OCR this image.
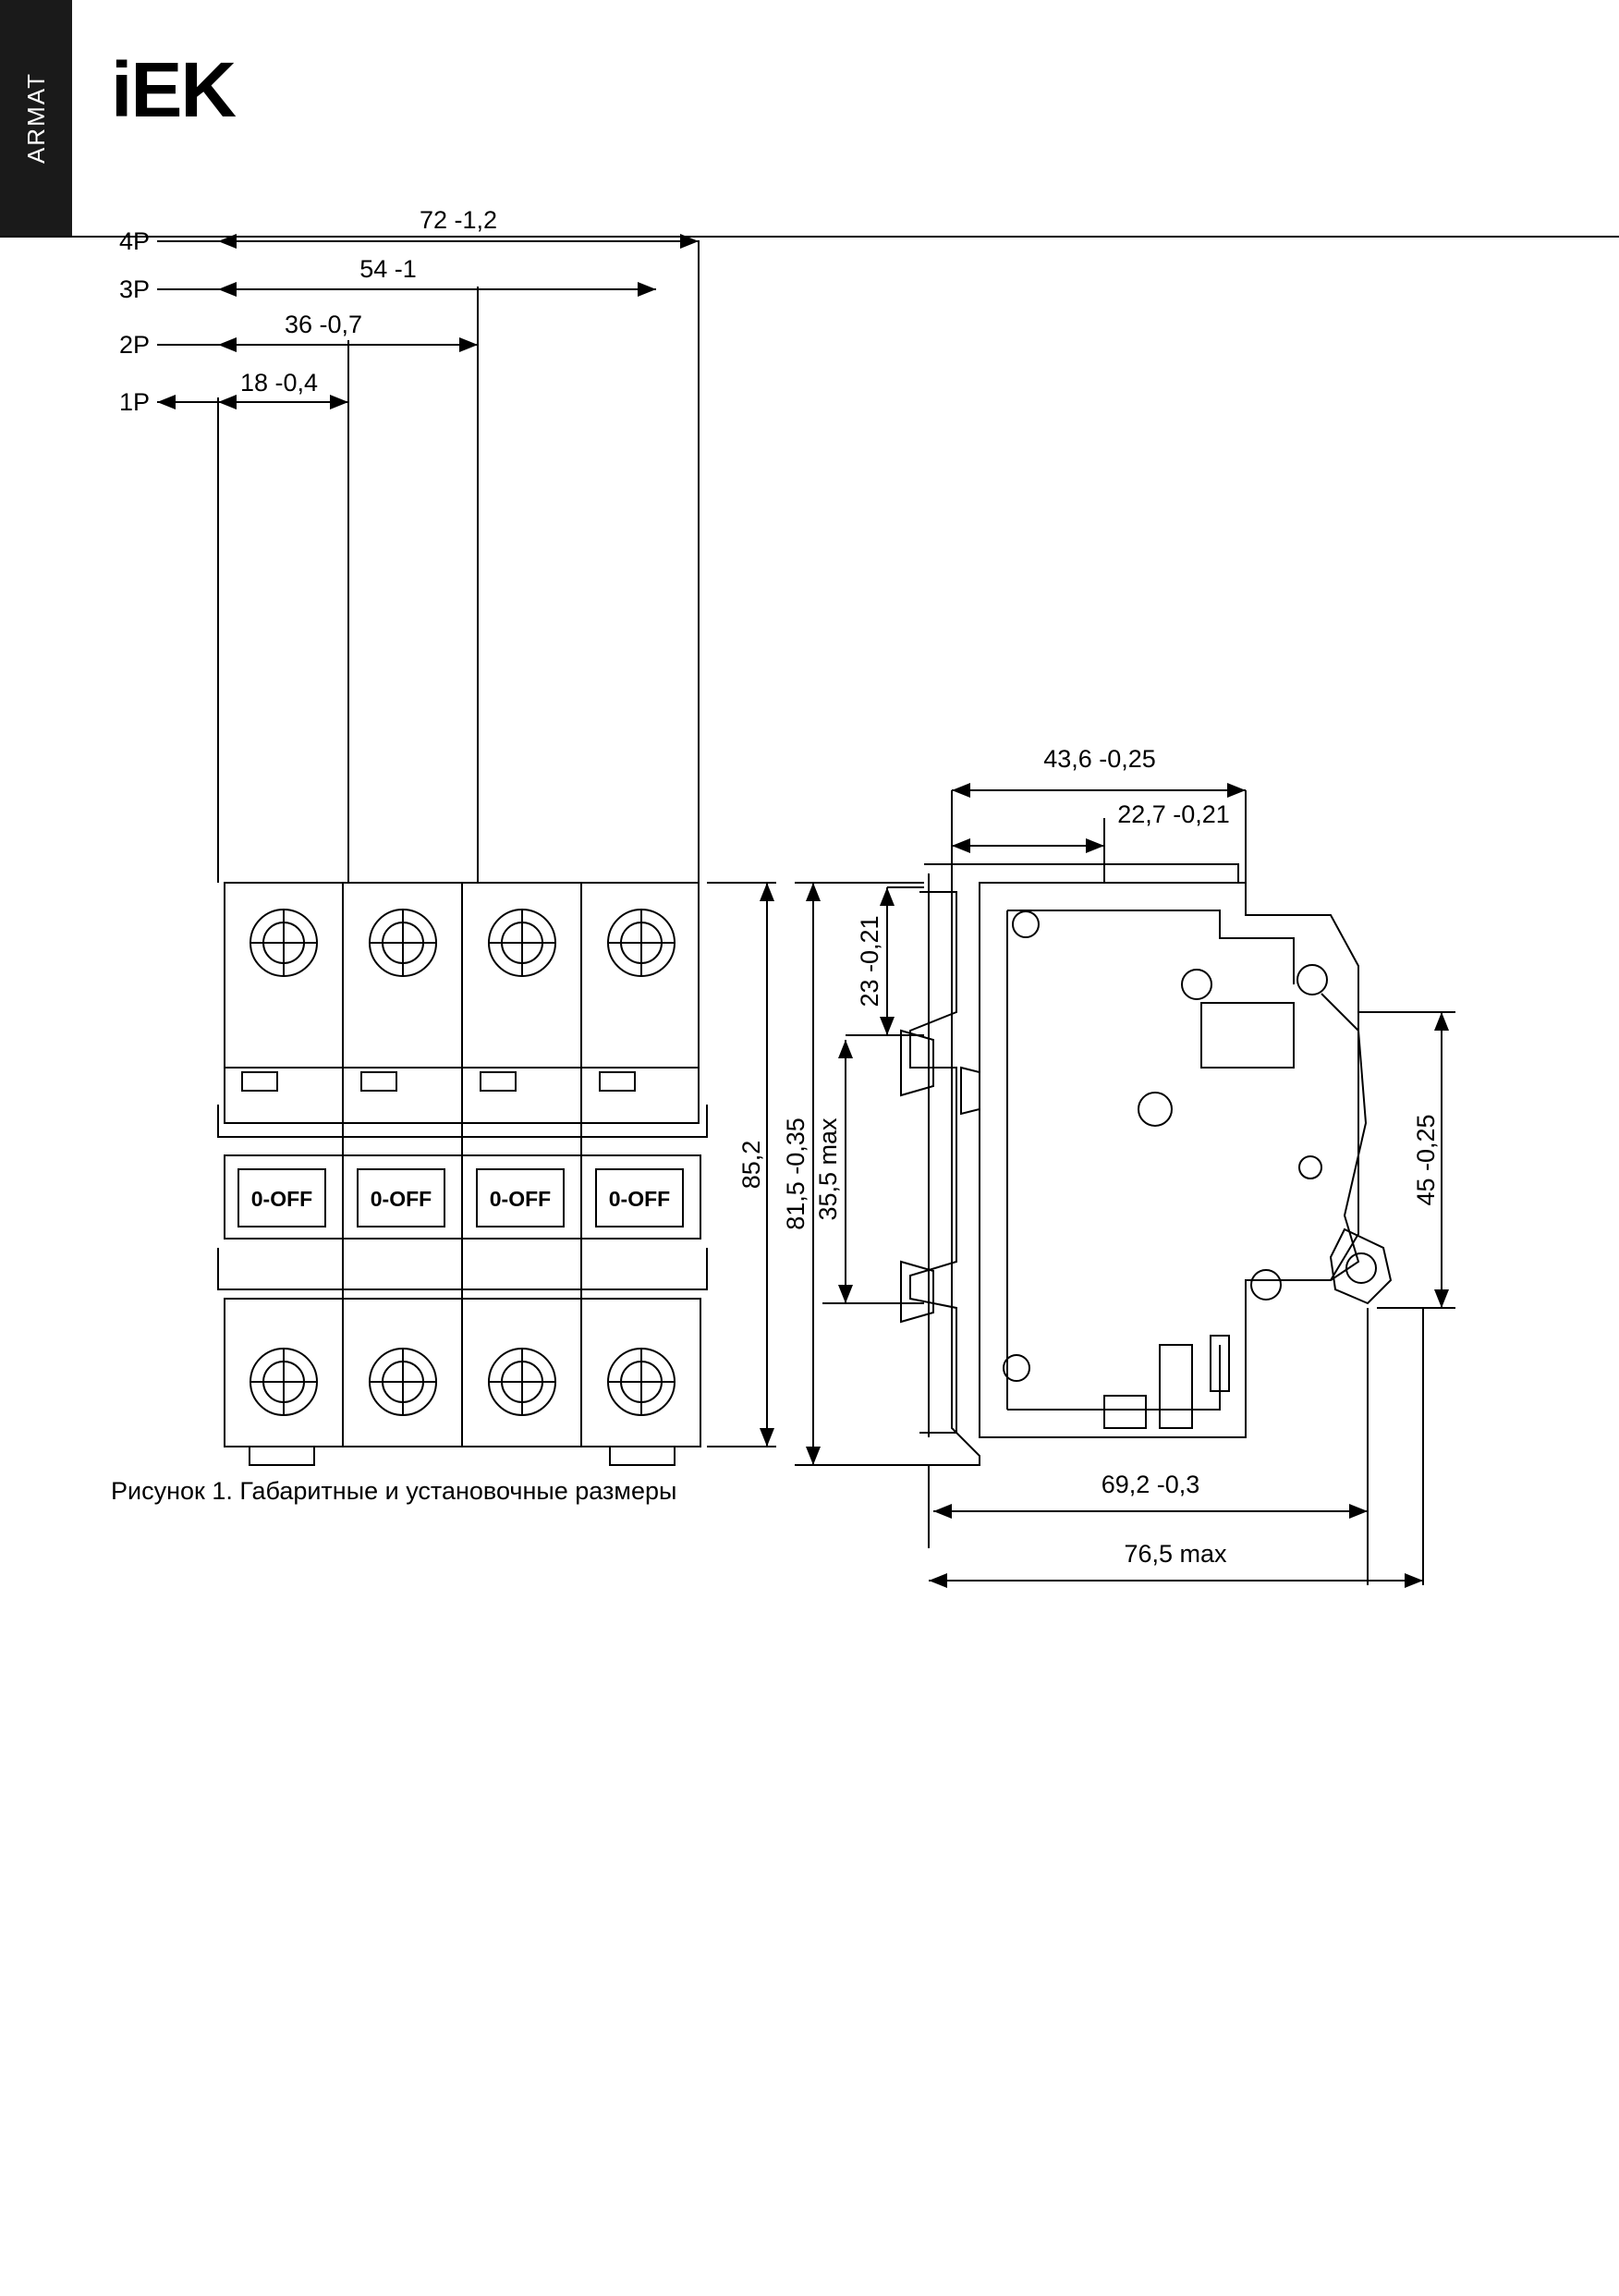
ARMAT iEK
4P
3P
2P
1P
72 -1,2
54 -1
36 -0,7
18 -0,4
0-OFF	0-OFF	0-OFF	0-OFF
85,2
43,6 -0,25
22,7 -0,21
23 -0,21
35,5 max
81,5 -0,35	45 -0,25
69,2 -0,3
76,5 max
Рисунок 1. Габаритные и установочные размеры
